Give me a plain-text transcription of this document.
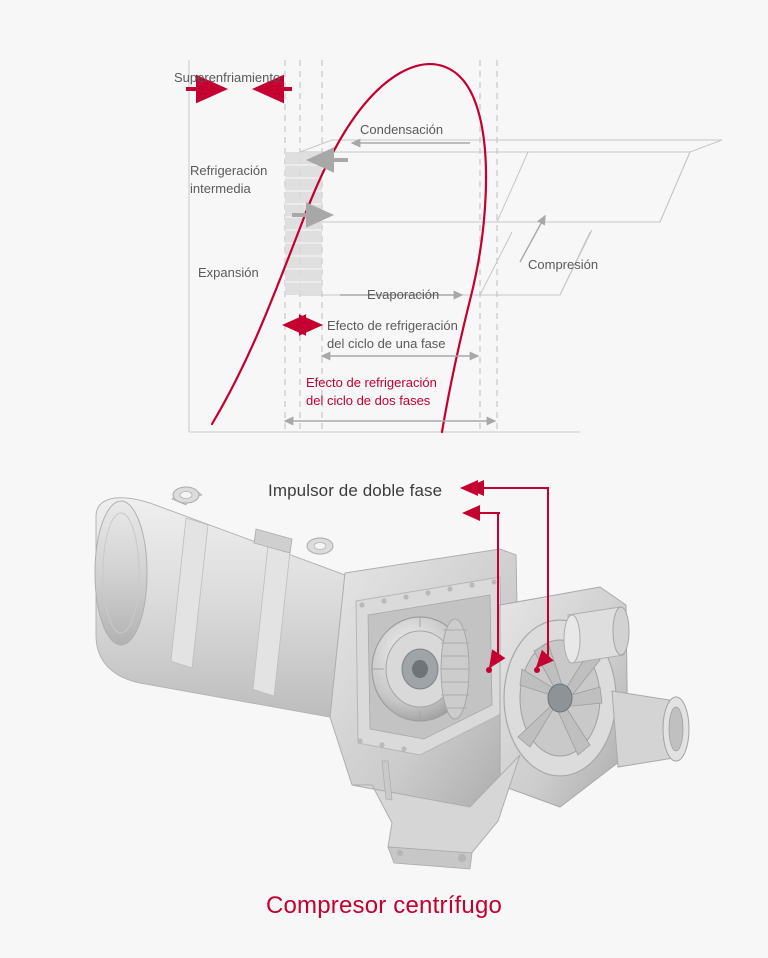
Superenfriamiento
Refrigeración
intermedia
Expansión
Condensación
Evaporación
Compresión
Efecto de refrigeración
del ciclo de una fase
Efecto de refrigeración
del ciclo de dos fases
Impulsor de doble fase
Compresor centrífugo
